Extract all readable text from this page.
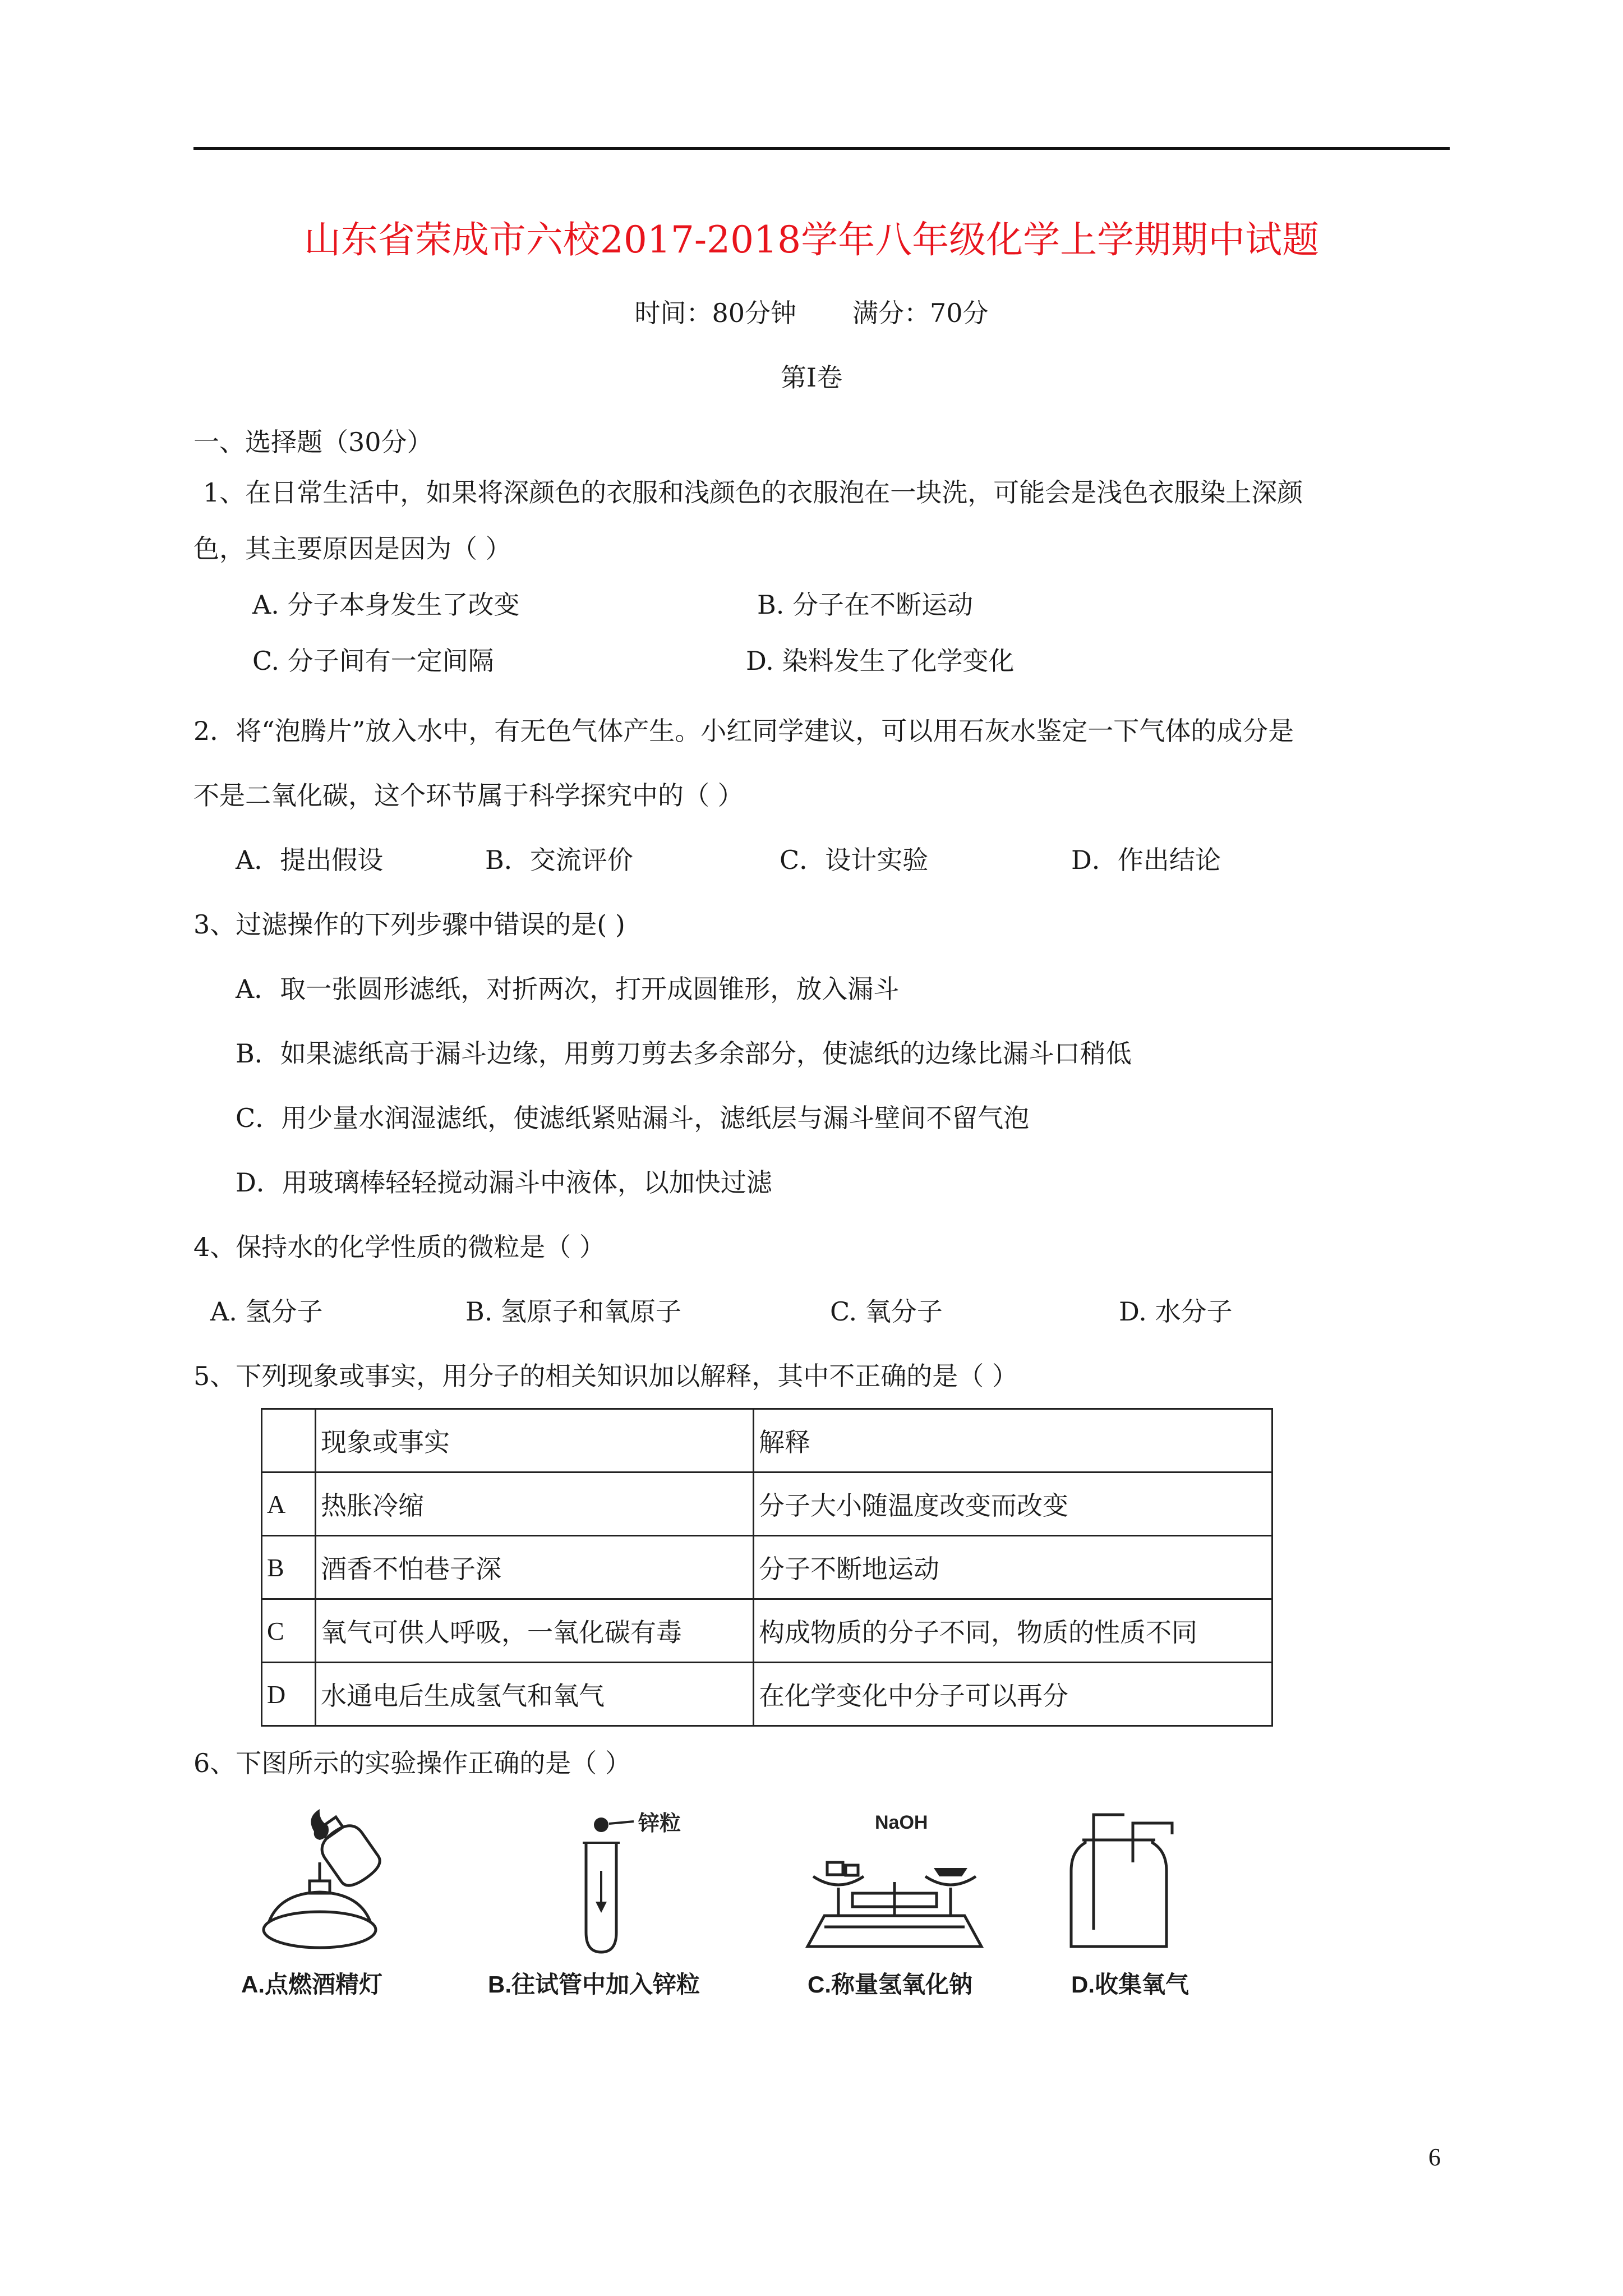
山东省荣成市六校2017-2018学年八年级化学上学期期中试题
时间：80分钟 满分：70分
第Ⅰ卷
一、选择题（30分）
1、在日常生活中，如果将深颜色的衣服和浅颜色的衣服泡在一块洗，可能会是浅色衣服染上深颜
色，其主要原因是因为（ ）
A. 分子本身发生了改变	B. 分子在不断运动
C. 分子间有一定间隔	D. 染料发生了化学变化
2．将“泡腾片”放入水中，有无色气体产生。小红同学建议，可以用石灰水鉴定一下气体的成分是
不是二氧化碳，这个环节属于科学探究中的（ ）
A．提出假设	B．交流评价	C．设计实验	D．作出结论
3、过滤操作的下列步骤中错误的是( )
A．取一张圆形滤纸，对折两次，打开成圆锥形，放入漏斗
B．如果滤纸高于漏斗边缘，用剪刀剪去多余部分，使滤纸的边缘比漏斗口稍低
C．用少量水润湿滤纸，使滤纸紧贴漏斗，滤纸层与漏斗壁间不留气泡
D．用玻璃棒轻轻搅动漏斗中液体，以加快过滤
4、保持水的化学性质的微粒是（ ）
A. 氢分子	B. 氢原子和氧原子	C. 氧分子	D. 水分子
5、下列现象或事实，用分子的相关知识加以解释，其中不正确的是（ ）
	现象或事实	解释
A	热胀冷缩	分子大小随温度改变而改变
B	酒香不怕巷子深	分子不断地运动
C	氧气可供人呼吸，一氧化碳有毒	构成物质的分子不同，物质的性质不同
D	水通电后生成氢气和氧气	在化学变化中分子可以再分
6、下图所示的实验操作正确的是（ ）
锌粒	NaOH
A.点燃酒精灯	B.往试管中加入锌粒	C.称量氢氧化钠	D.收集氧气
6
